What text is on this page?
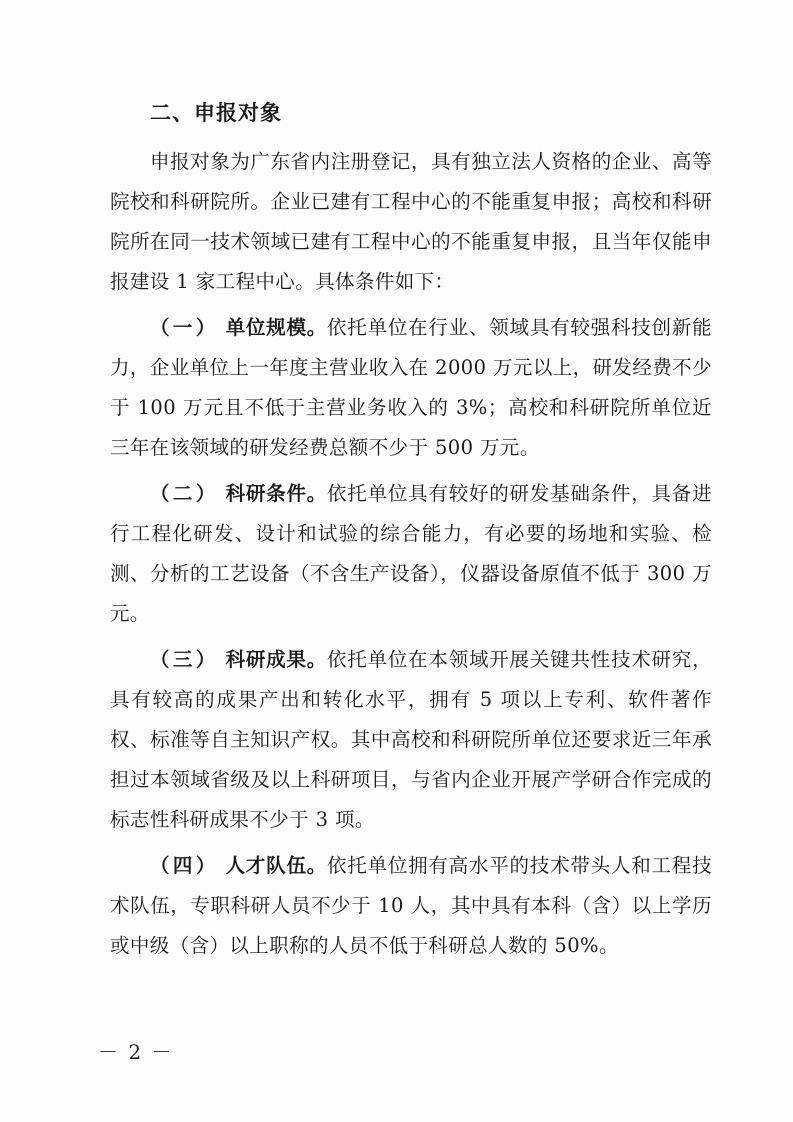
二、申报对象

申报对象为广东省内注册登记，具有独立法人资格的企业、高等院校和科研院所。企业已建有工程中心的不能重复申报；高校和科研院所在同一技术领域已建有工程中心的不能重复申报，且当年仅能申报建设 1 家工程中心。具体条件如下：

（一） 单位规模。依托单位在行业、领域具有较强科技创新能力，企业单位上一年度主营业收入在 2000 万元以上，研发经费不少于 100 万元且不低于主营业务收入的 3%；高校和科研院所单位近三年在该领域的研发经费总额不少于 500 万元。

（二） 科研条件。依托单位具有较好的研发基础条件，具备进行工程化研发、设计和试验的综合能力，有必要的场地和实验、检测、分析的工艺设备（不含生产设备），仪器设备原值不低于 300 万元。

（三） 科研成果。依托单位在本领域开展关键共性技术研究，具有较高的成果产出和转化水平，拥有 5 项以上专利、软件著作权、标准等自主知识产权。其中高校和科研院所单位还要求近三年承担过本领域省级及以上科研项目，与省内企业开展产学研合作完成的标志性科研成果不少于 3 项。

（四） 人才队伍。依托单位拥有高水平的技术带头人和工程技术队伍，专职科研人员不少于 10 人，其中具有本科（含）以上学历或中级（含）以上职称的人员不低于科研总人数的 50%。

－ 2 －
